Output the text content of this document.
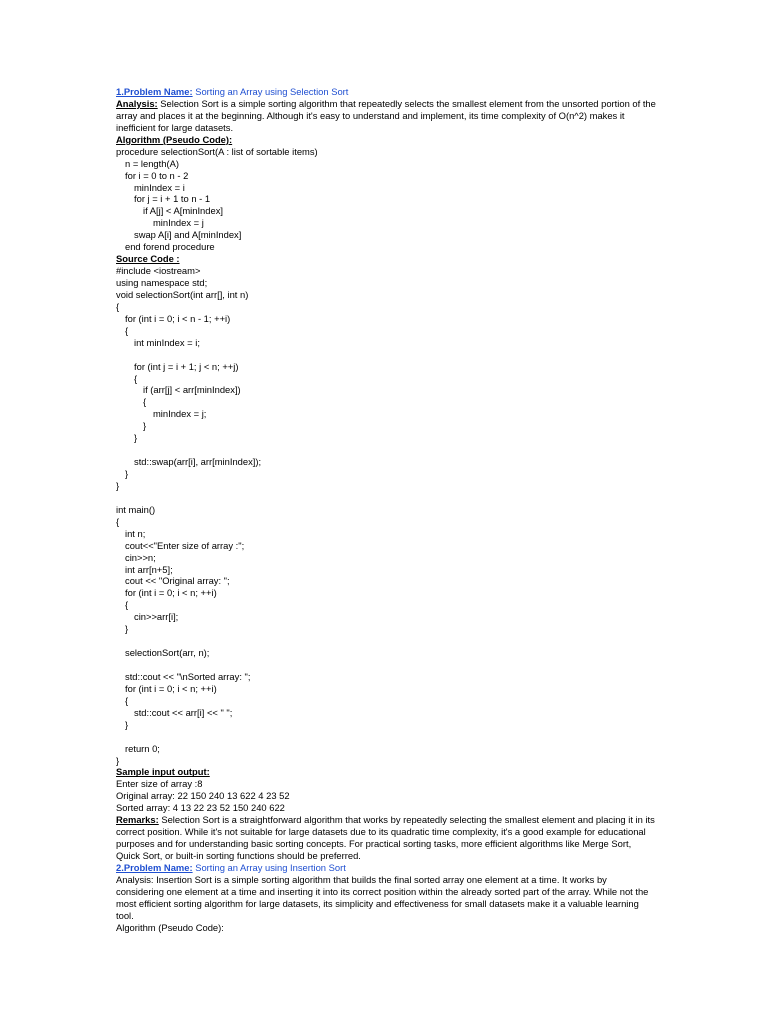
1.Problem Name: Sorting an Array using Selection Sort
Analysis: Selection Sort is a simple sorting algorithm that repeatedly selects the smallest element from the unsorted portion of the array and places it at the beginning. Although it's easy to understand and implement, its time complexity of O(n^2) makes it inefficient for large datasets.
Algorithm (Pseudo Code):
procedure selectionSort(A : list of sortable items)
n = length(A)
for i = 0 to n - 2
minIndex = i
for j = i + 1 to n - 1
if A[j] < A[minIndex]
minIndex = j
swap A[i] and A[minIndex]
end forend procedure
Source Code :
#include <iostream>
using namespace std;
void selectionSort(int arr[], int n)
{
for (int i = 0; i < n - 1; ++i)
{
int minIndex = i;
for (int j = i + 1; j < n; ++j)
{
if (arr[j] < arr[minIndex])
{
minIndex = j;
}
}
std::swap(arr[i], arr[minIndex]);
}
}
int main()
{
int n;
cout<<"Enter size of array :";
cin>>n;
int arr[n+5];
cout << "Original array: ";
for (int i = 0; i < n; ++i)
{
cin>>arr[i];
}
selectionSort(arr, n);
std::cout << "\nSorted array: ";
for (int i = 0; i < n; ++i)
{
std::cout << arr[i] << " ";
}
return 0;
}
Sample input output:
Enter size of array :8
Original array: 22 150 240 13 622 4 23 52
Sorted array: 4 13 22 23 52 150 240 622
Remarks: Selection Sort is a straightforward algorithm that works by repeatedly selecting the smallest element and placing it in its correct position. While it's not suitable for large datasets due to its quadratic time complexity, it's a good example for educational purposes and for understanding basic sorting concepts. For practical sorting tasks, more efficient algorithms like Merge Sort, Quick Sort, or built-in sorting functions should be preferred.
2.Problem Name: Sorting an Array using Insertion Sort
Analysis: Insertion Sort is a simple sorting algorithm that builds the final sorted array one element at a time. It works by considering one element at a time and inserting it into its correct position within the already sorted part of the array. While not the most efficient sorting algorithm for large datasets, its simplicity and effectiveness for small datasets make it a valuable learning tool.
Algorithm (Pseudo Code):
